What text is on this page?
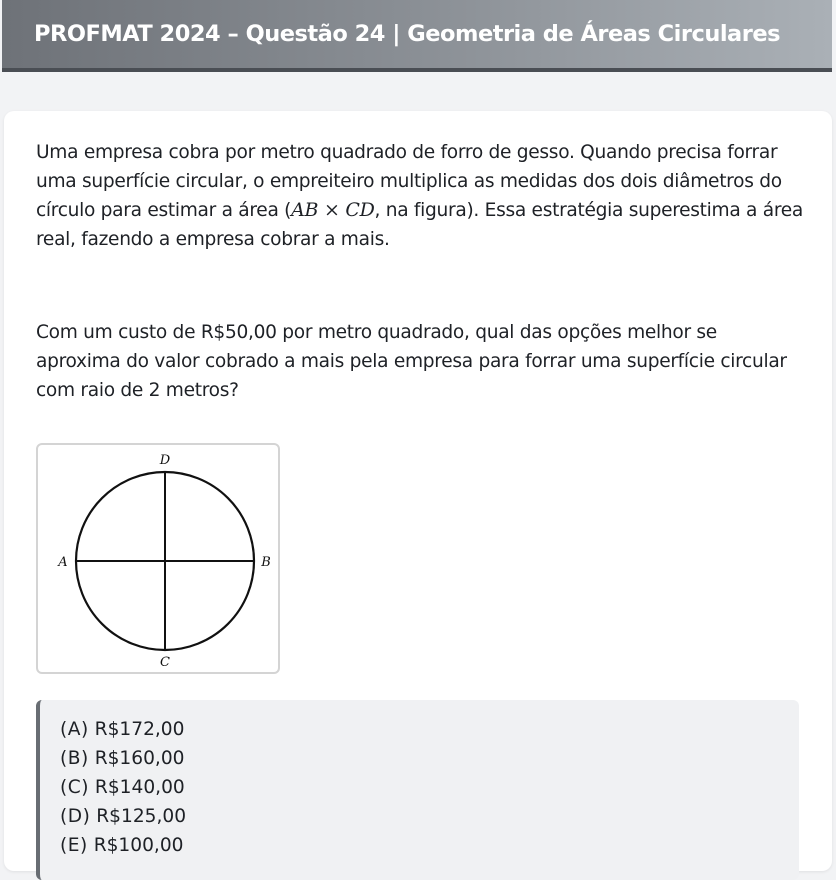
PROFMAT 2024 – Questão 24 | Geometria de Áreas Circulares

Uma empresa cobra por metro quadrado de forro de gesso. Quando precisa forrar uma superfície circular, o empreiteiro multiplica as medidas dos dois diâmetros do círculo para estimar a área (AB × CD, na figura). Essa estratégia superestima a área real, fazendo a empresa cobrar a mais.

Com um custo de R$50,00 por metro quadrado, qual das opções melhor se aproxima do valor cobrado a mais pela empresa para forrar uma superfície circular com raio de 2 metros?

D
A	B
C
(A) R$172,00
(B) R$160,00
(C) R$140,00
(D) R$125,00
(E) R$100,00
